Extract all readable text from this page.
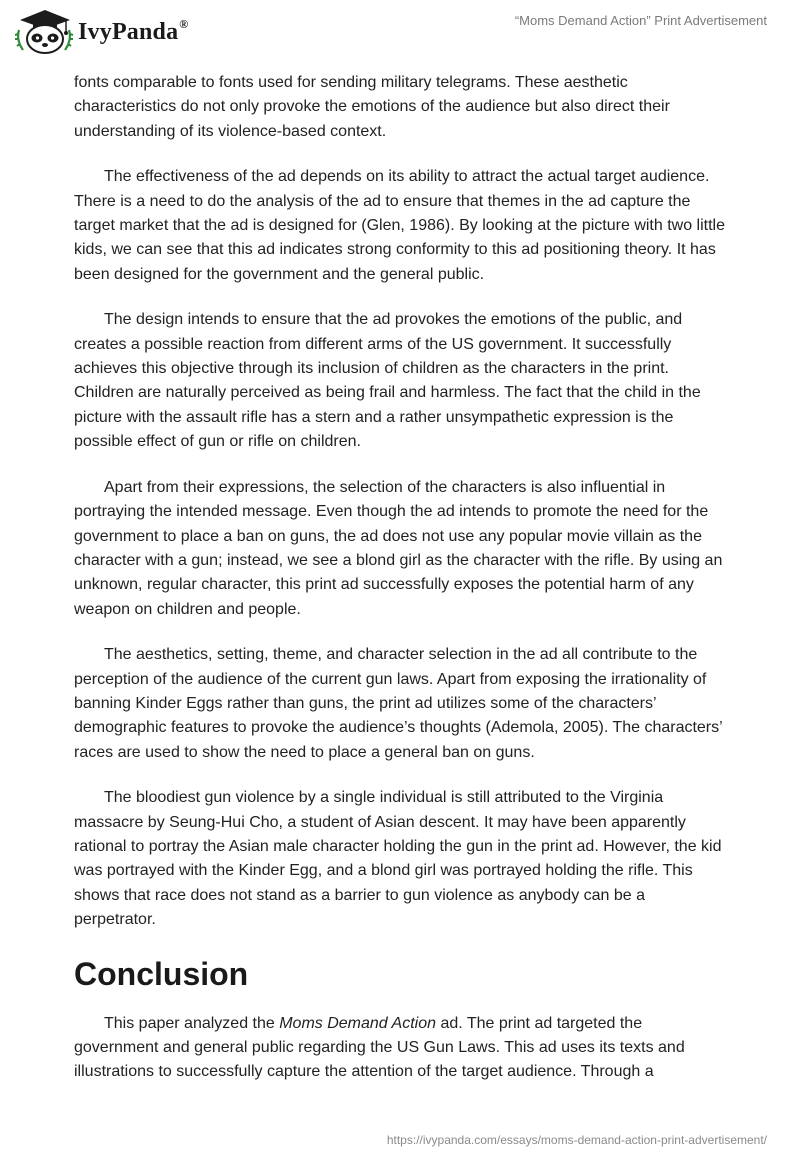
IvyPanda®	“Moms Demand Action” Print Advertisement

fonts comparable to fonts used for sending military telegrams. These aesthetic characteristics do not only provoke the emotions of the audience but also direct their understanding of its violence-based context.

The effectiveness of the ad depends on its ability to attract the actual target audience. There is a need to do the analysis of the ad to ensure that themes in the ad capture the target market that the ad is designed for (Glen, 1986). By looking at the picture with two little kids, we can see that this ad indicates strong conformity to this ad positioning theory. It has been designed for the government and the general public.

The design intends to ensure that the ad provokes the emotions of the public, and creates a possible reaction from different arms of the US government. It successfully achieves this objective through its inclusion of children as the characters in the print. Children are naturally perceived as being frail and harmless. The fact that the child in the picture with the assault rifle has a stern and a rather unsympathetic expression is the possible effect of gun or rifle on children.

Apart from their expressions, the selection of the characters is also influential in portraying the intended message. Even though the ad intends to promote the need for the government to place a ban on guns, the ad does not use any popular movie villain as the character with a gun; instead, we see a blond girl as the character with the rifle. By using an unknown, regular character, this print ad successfully exposes the potential harm of any weapon on children and people.

The aesthetics, setting, theme, and character selection in the ad all contribute to the perception of the audience of the current gun laws. Apart from exposing the irrationality of banning Kinder Eggs rather than guns, the print ad utilizes some of the characters’ demographic features to provoke the audience’s thoughts (Ademola, 2005). The characters’ races are used to show the need to place a general ban on guns.

The bloodiest gun violence by a single individual is still attributed to the Virginia massacre by Seung-Hui Cho, a student of Asian descent. It may have been apparently rational to portray the Asian male character holding the gun in the print ad. However, the kid was portrayed with the Kinder Egg, and a blond girl was portrayed holding the rifle. This shows that race does not stand as a barrier to gun violence as anybody can be a perpetrator.

Conclusion

This paper analyzed the Moms Demand Action ad. The print ad targeted the government and general public regarding the US Gun Laws. This ad uses its texts and illustrations to successfully capture the attention of the target audience. Through a

https://ivypanda.com/essays/moms-demand-action-print-advertisement/
